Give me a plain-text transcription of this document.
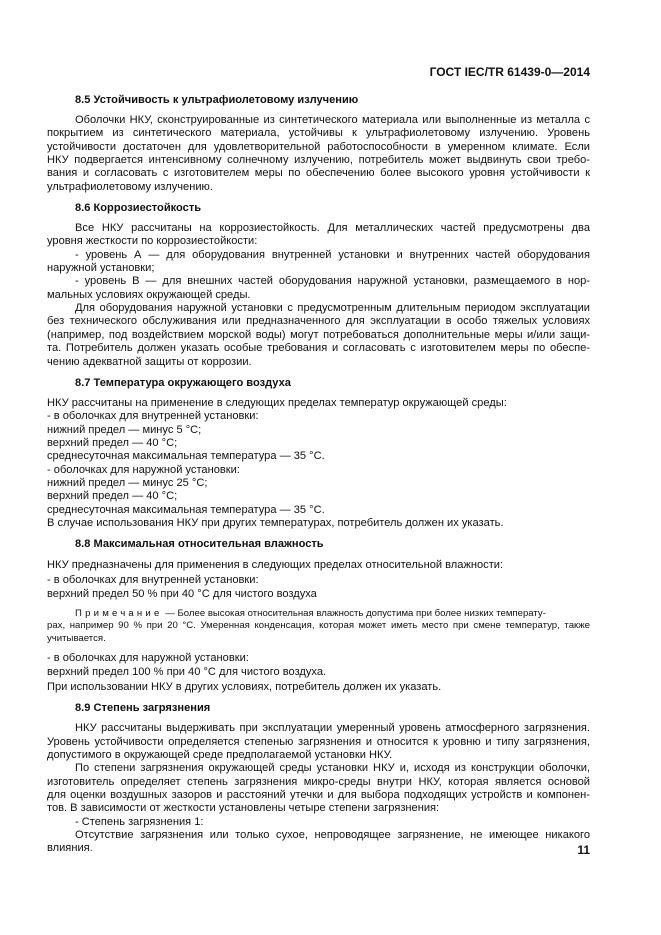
ГОСТ IEC/TR 61439-0—2014
8.5 Устойчивость к ультрафиолетовому излучению
Оболочки НКУ, сконструированные из синтетического материала или выполненные из металла с
покрытием из синтетического материала, устойчивы к ультрафиолетовому излучению. Уровень
устойчивости достаточен для удовлетворительной работоспособности в умеренном климате. Если
НКУ подвергается интенсивному солнечному излучению, потребитель может выдвинуть свои требо-
вания и согласовать с изготовителем меры по обеспечению более высокого уровня устойчивости к
ультрафиолетовому излучению.
8.6 Коррозиестойкость
Все НКУ рассчитаны на коррозиестойкость. Для металлических частей предусмотрены два
уровня жесткости по коррозиестойкости:
- уровень А — для оборудования внутренней установки и внутренних частей оборудования
наружной установки;
- уровень В — для внешних частей оборудования наружной установки, размещаемого в нор-
мальных условиях окружающей среды.
Для оборудования наружной установки с предусмотренным длительным периодом эксплуатации
без технического обслуживания или предназначенного для эксплуатации в особо тяжелых условиях
(например, под воздействием морской воды) могут потребоваться дополнительные меры и/или защи-
та. Потребитель должен указать особые требования и согласовать с изготовителем меры по обеспе-
чению адекватной защиты от коррозии.
8.7 Температура окружающего воздуха
НКУ рассчитаны на применение в следующих пределах температур окружающей среды:
- в оболочках для внутренней установки:
нижний предел — минус 5 °C;
верхний предел — 40 °C;
среднесуточная максимальная температура — 35 °C.
- оболочках для наружной установки:
нижний предел — минус 25 °C;
верхний предел — 40 °C;
среднесуточная максимальная температура — 35 °C.
В случае использования НКУ при других температурах, потребитель должен их указать.
8.8 Максимальная относительная влажность
НКУ предназначены для применения в следующих пределах относительной влажности:
- в оболочках для внутренней установки:
верхний предел 50 % при 40 °C для чистого воздуха
Примечание — Более высокая относительная влажность допустима при более низких температу-
рах, например 90 % при 20 °C. Умеренная конденсация, которая может иметь место при смене температур, также
учитывается.
- в оболочках для наружной установки:
верхний предел 100 % при 40 °C для чистого воздуха.
При использовании НКУ в других условиях, потребитель должен их указать.
8.9 Степень загрязнения
НКУ рассчитаны выдерживать при эксплуатации умеренный уровень атмосферного загрязнения.
Уровень устойчивости определяется степенью загрязнения и относится к уровню и типу загрязнения,
допустимого в окружающей среде предполагаемой установки НКУ.
По степени загрязнения окружающей среды установки НКУ и, исходя из конструкции оболочки,
изготовитель определяет степень загрязнения микро-среды внутри НКУ, которая является основой
для оценки воздушных зазоров и расстояний утечки и для выбора подходящих устройств и компонен-
тов. В зависимости от жесткости установлены четыре степени загрязнения:
- Степень загрязнения 1:
Отсутствие загрязнения или только сухое, непроводящее загрязнение, не имеющее никакого
влияния.	11
